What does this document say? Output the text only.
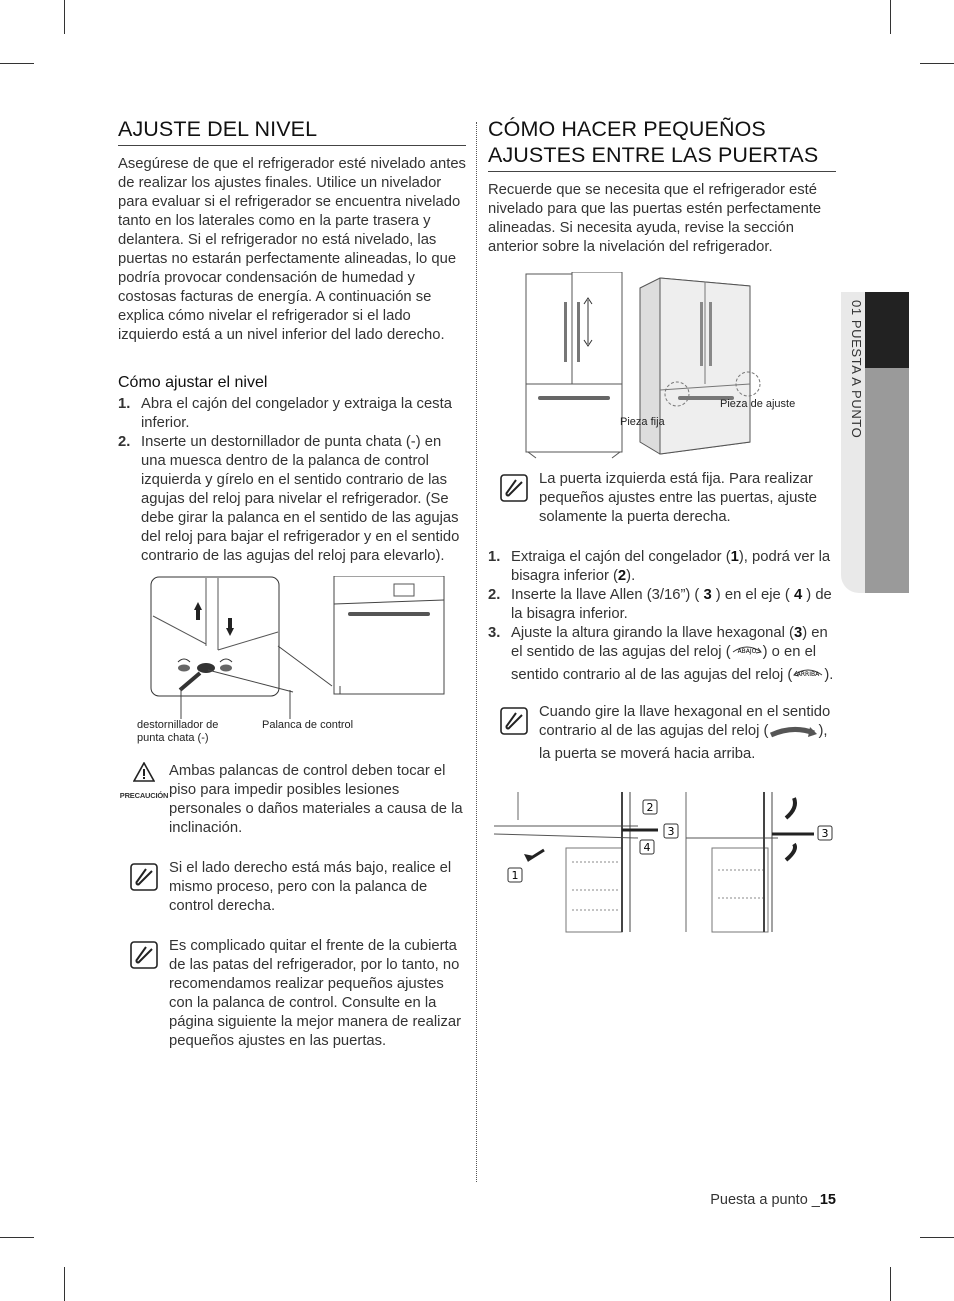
AJUSTE DEL NIVEL

Asegúrese de que el refrigerador esté nivelado antes de realizar los ajustes finales. Utilice un nivelador para evaluar si el refrigerador se encuentra nivelado tanto en los laterales como en la parte trasera y delantera. Si el refrigerador no está nivelado, las puertas no estarán perfectamente alineadas, lo que podría provocar condensación de humedad y costosas facturas de energía. A continuación se explica cómo nivelar el refrigerador si el lado izquierdo está a un nivel inferior del lado derecho.

Cómo ajustar el nivel
1. Abra el cajón del congelador y extraiga la cesta inferior.
2. Inserte un destornillador de punta chata (-) en una muesca dentro de la palanca de control izquierda y gírelo en el sentido contrario de las agujas del reloj para nivelar el refrigerador. (Se debe girar la palanca en el sentido de las agujas del reloj para bajar el refrigerador y en el sentido contrario de las agujas del reloj para elevarlo).
destornillador de punta chata (-)
Palanca de control
PRECAUCIÓN
Ambas palancas de control deben tocar el piso para impedir posibles lesiones personales o daños materiales a causa de la inclinación.
Si el lado derecho está más bajo, realice el mismo proceso, pero con la palanca de control derecha.
Es complicado quitar el frente de la cubierta de las patas del refrigerador, por lo tanto, no recomendamos realizar pequeños ajustes con la palanca de control. Consulte en la página siguiente la mejor manera de realizar pequeños ajustes en las puertas.
CÓMO HACER PEQUEÑOS AJUSTES ENTRE LAS PUERTAS

Recuerde que se necesita que el refrigerador esté nivelado para que las puertas estén perfectamente alineadas. Si necesita ayuda, revise la sección anterior sobre la nivelación del refrigerador.

Pieza de ajuste
Pieza fija
La puerta izquierda está fija. Para realizar pequeños ajustes entre las puertas, ajuste solamente la puerta derecha.
1. Extraiga el cajón del congelador (1), podrá ver la bisagra inferior (2).
2. Inserte la llave Allen (3/16”) ( 3 ) en el eje ( 4 ) de la bisagra inferior.
3. Ajuste la altura girando la llave hexagonal (3) en el sentido de las agujas del reloj ( ABAJO ) o en el sentido contrario al de las agujas del reloj ( ARRIBA ).
Cuando gire la llave hexagonal en el sentido contrario al de las agujas del reloj (	), la puerta se moverá hacia arriba.
2
3
4
1
3
01 PUESTA A PUNTO
Puesta a punto _15
